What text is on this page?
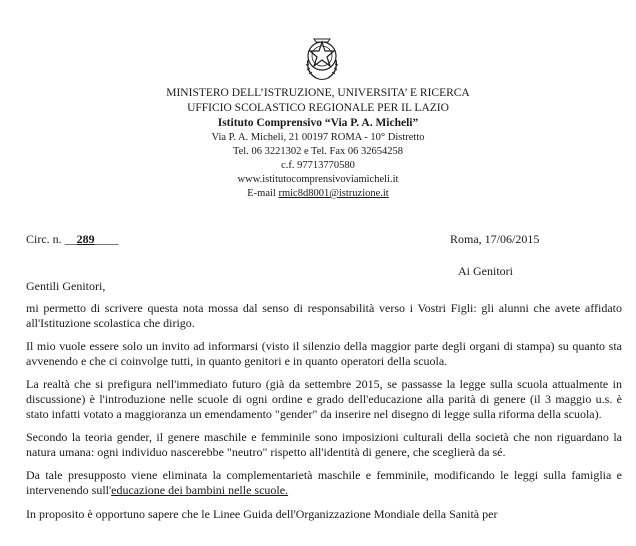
MINISTERO DELL’ISTRUZIONE, UNIVERSITA’ E RICERCA
UFFICIO SCOLASTICO REGIONALE PER IL LAZIO
Istituto Comprensivo “Via P. A. Micheli”
Via P. A. Micheli, 21 00197 ROMA - 10° Distretto
Tel. 06 3221302 e Tel. Fax 06 32654258
c.f. 97713770580
www.istitutocomprensivoviamicheli.it
E-mail rmic8d8001@istruzione.it
Circ. n. __289____	Roma, 17/06/2015
Ai Genitori
Gentili Genitori,

mi permetto di scrivere questa nota mossa dal senso di responsabilità verso i Vostri Figli: gli alunni che avete affidato all'Istituzione scolastica che dirigo.

Il mio vuole essere solo un invito ad informarsi (visto il silenzio della maggior parte degli organi di stampa) su quanto sta avvenendo e che ci coinvolge tutti, in quanto genitori e in quanto operatori della scuola.

La realtà che si prefigura nell'immediato futuro (già da settembre 2015, se passasse la legge sulla scuola attualmente in discussione) è l'introduzione nelle scuole di ogni ordine e grado dell'educazione alla parità di genere (il 3 maggio u.s. è stato infatti votato a maggioranza un emendamento "gender" da inserire nel disegno di legge sulla riforma della scuola).

Secondo la teoria gender, il genere maschile e femminile sono imposizioni culturali della società che non riguardano la natura umana: ogni individuo nascerebbe "neutro" rispetto all'identità di genere, che sceglierà da sé.

Da tale presupposto viene eliminata la complementarietà maschile e femminile, modificando le leggi sulla famiglia e intervenendo sull'educazione dei bambini nelle scuole.

In proposito è opportuno sapere che le Linee Guida dell'Organizzazione Mondiale della Sanità per
